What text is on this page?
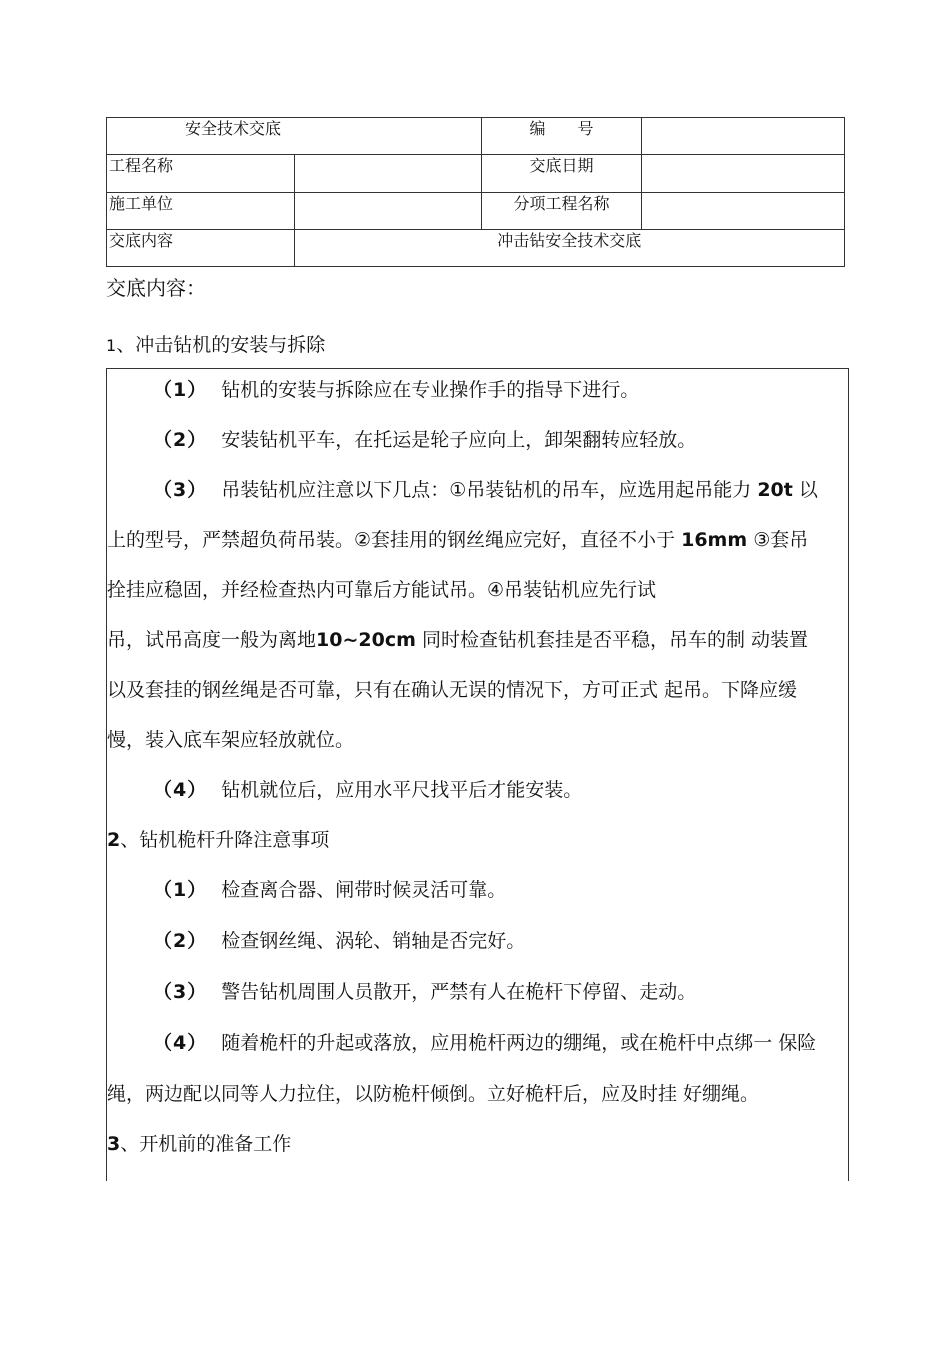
安全技术交底		编　　号	
工程名称		交底日期	
施工单位		分项工程名称	
交底内容	冲击钻安全技术交底		
交底内容：
1、冲击钻机的安装与拆除
（1） 钻机的安装与拆除应在专业操作手的指导下进行。
（2） 安装钻机平车，在托运是轮子应向上，卸架翻转应轻放。
（3） 吊装钻机应注意以下几点：①吊装钻机的吊车，应选用起吊能力 20t 以
上的型号，严禁超负荷吊装。②套挂用的钢丝绳应完好，直径不小于 16mm ③套吊
拴挂应稳固，并经检查热内可靠后方能试吊。④吊装钻机应先行试
吊，试吊高度一般为离地10~20cm 同时检查钻机套挂是否平稳，吊车的制 动装置
以及套挂的钢丝绳是否可靠，只有在确认无误的情况下，方可正式 起吊。下降应缓
慢，装入底车架应轻放就位。
（4） 钻机就位后，应用水平尺找平后才能安装。
2、钻机桅杆升降注意事项
（1） 检查离合器、闸带时候灵活可靠。
（2） 检查钢丝绳、涡轮、销轴是否完好。
（3） 警告钻机周围人员散开，严禁有人在桅杆下停留、走动。
（4） 随着桅杆的升起或落放，应用桅杆两边的绷绳，或在桅杆中点绑一 保险
绳，两边配以同等人力拉住，以防桅杆倾倒。立好桅杆后，应及时挂 好绷绳。
3、开机前的准备工作
